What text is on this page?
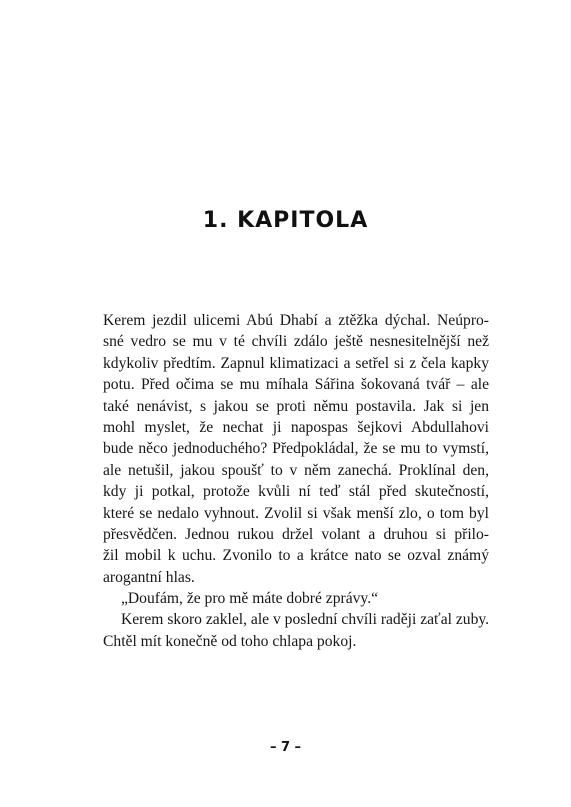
1. KAPITOLA
Kerem jezdil ulicemi Abú Dhabí a ztěžka dýchal. Neúpro-
sné vedro se mu v té chvíli zdálo ještě nesnesitelnější než
kdykoliv předtím. Zapnul klimatizaci a setřel si z čela kapky
potu. Před očima se mu míhala Sářina šokovaná tvář – ale
také nenávist, s jakou se proti němu postavila. Jak si jen
mohl myslet, že nechat ji napospas šejkovi Abdullahovi
bude něco jednoduchého? Předpokládal, že se mu to vymstí,
ale netušil, jakou spoušť to v něm zanechá. Proklínal den,
kdy ji potkal, protože kvůli ní teď stál před skutečností,
které se nedalo vyhnout. Zvolil si však menší zlo, o tom byl
přesvědčen. Jednou rukou držel volant a druhou si přilo-
žil mobil k uchu. Zvonilo to a krátce nato se ozval známý
arogantní hlas.
„Doufám, že pro mě máte dobré zprávy.“
Kerem skoro zaklel, ale v poslední chvíli raději zaťal zuby.
Chtěl mít konečně od toho chlapa pokoj.
– 7 –
